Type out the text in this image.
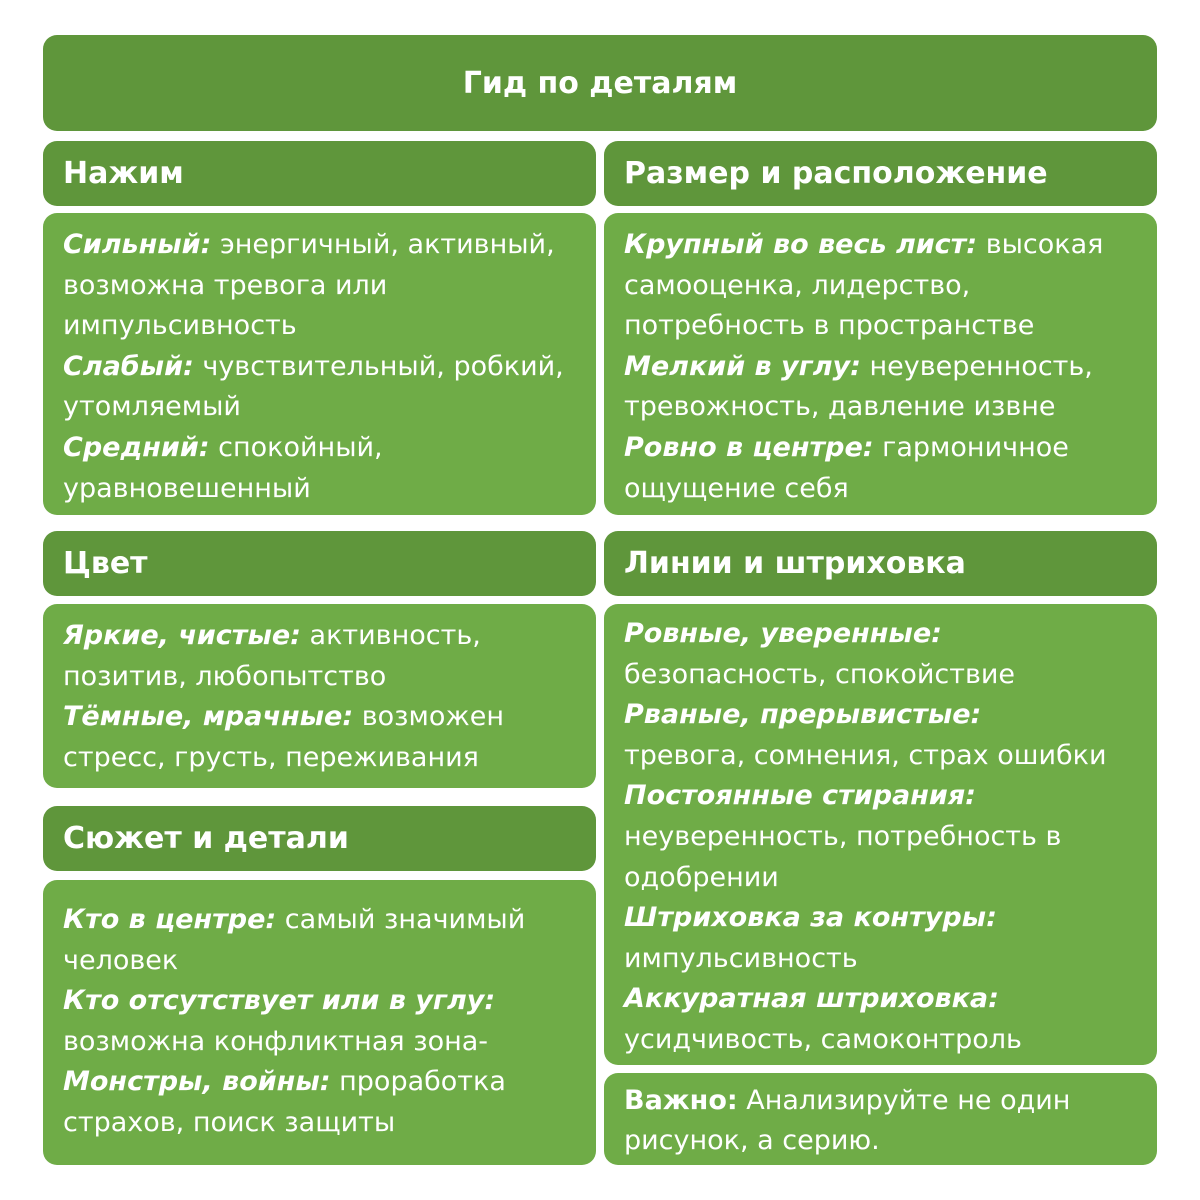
Гид по деталям
Нажим
Сильный: энергичный, активный, возможна тревога или импульсивность
Слабый: чувствительный, робкий, утомляемый
Средний: спокойный, уравновешенный
Размер и расположение
Крупный во весь лист: высокая самооценка, лидерство, потребность в пространстве
Мелкий в углу: неуверенность, тревожность, давление извне
Ровно в центре: гармоничное ощущение себя
Цвет
Яркие, чистые: активность, позитив, любопытство
Тёмные, мрачные: возможен стресс, грусть, переживания
Линии и штриховка
Ровные, уверенные:
безопасность, спокойствие
Рваные, прерывистые:
тревога, сомнения, страх ошибки
Постоянные стирания:
неуверенность, потребность в одобрении
Штриховка за контуры:
импульсивность
Аккуратная штриховка:
усидчивость, самоконтроль
Сюжет и детали
Кто в центре: самый значимый человек
Кто отсутствует или в углу:
возможна конфликтная зона-
Монстры, войны: проработка страхов, поиск защиты
Важно: Анализируйте не один рисунок, а серию.
